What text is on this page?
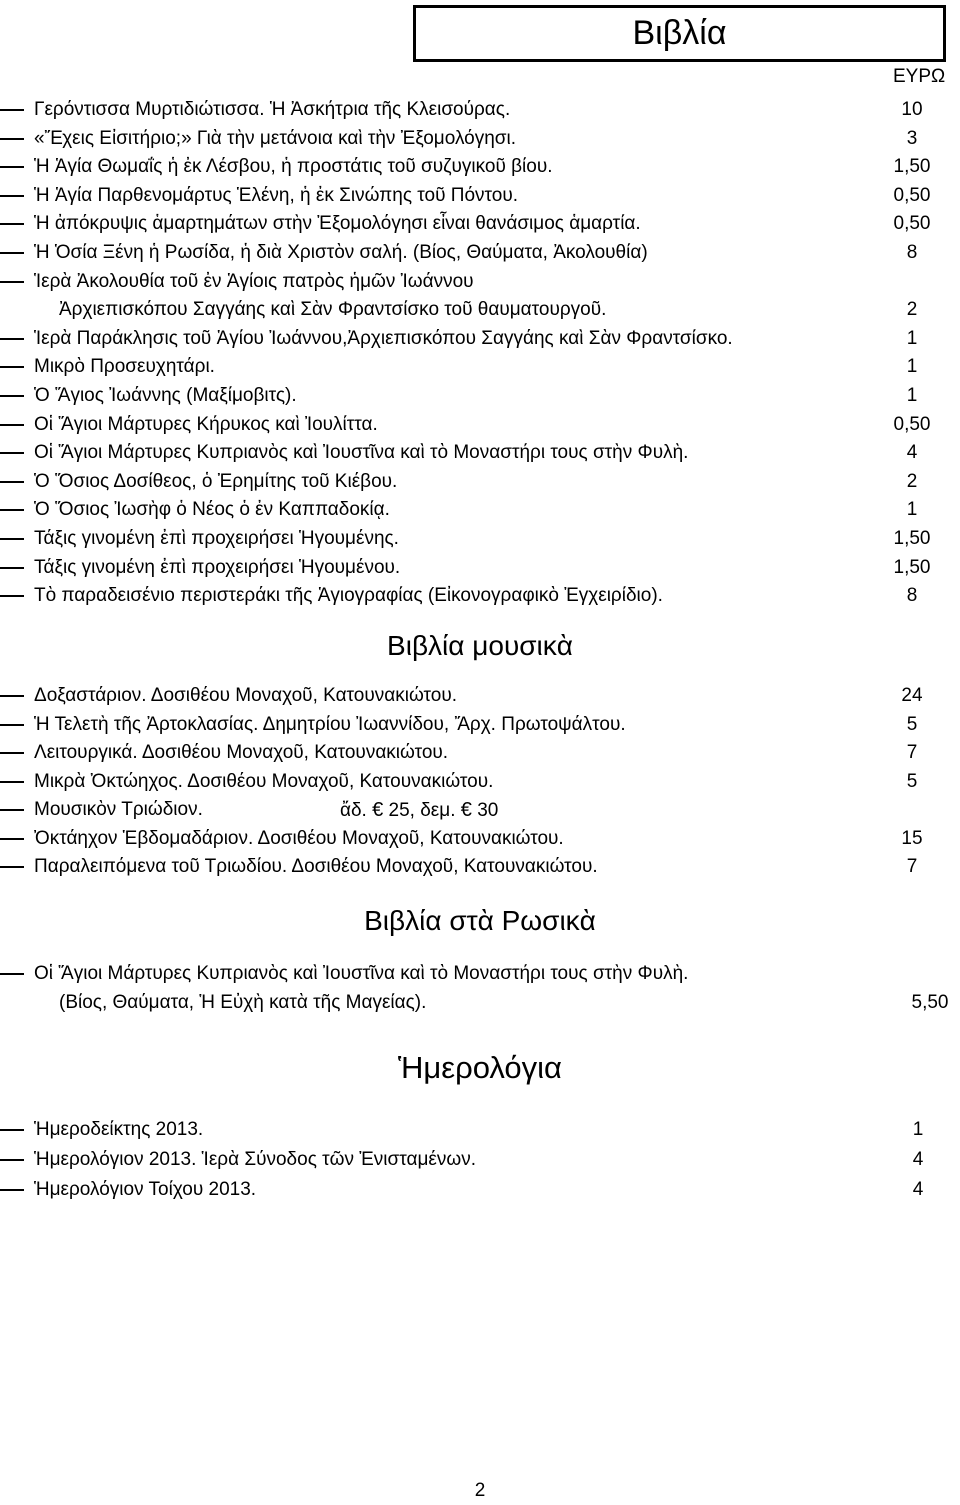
Βιβλία
ΕΥΡΩ
Γερόντισσα Μυρτιδιώτισσα. Ἡ Ἀσκήτρια τῆς Κλεισούρας.	10
«Ἔχεις Εἰσιτήριο;» Γιὰ τὴν μετάνοια καὶ τὴν Ἐξομολόγησι.	3
Ἡ Ἁγία Θωμαΐς ἡ ἐκ Λέσβου, ἡ προστάτις τοῦ συζυγικοῦ βίου.	1,50
Ἡ Ἁγία Παρθενομάρτυς Ἑλένη, ἡ ἐκ Σινώπης τοῦ Πόντου.	0,50
Ἡ ἀπόκρυψις ἁμαρτημάτων στὴν Ἐξομολόγησι εἶναι θανάσιμος ἁμαρτία.	0,50
Ἡ Ὁσία Ξένη ἡ Ρωσίδα, ἡ διὰ Χριστὸν σαλή. (Βίος, Θαύματα, Ἀκολουθία)	8
Ἱερὰ Ἀκολουθία τοῦ ἐν Ἁγίοις πατρὸς ἡμῶν Ἰωάννου
Ἀρχιεπισκόπου Σαγγάης καὶ Σὰν Φραντσίσκο τοῦ θαυματουργοῦ.	2
Ἱερὰ Παράκλησις τοῦ Ἁγίου Ἰωάννου,Ἀρχιεπισκόπου Σαγγάης καὶ Σὰν Φραντσίσκο.	1
Μικρὸ Προσευχητάρι.	1
Ὁ Ἅγιος Ἰωάννης (Μαξίμοβιτς).	1
Οἱ Ἅγιοι Μάρτυρες Κήρυκος καὶ Ἰουλίττα.	0,50
Οἱ Ἅγιοι Μάρτυρες Κυπριανὸς καὶ Ἰουστῖνα καὶ τὸ Μοναστήρι τους στὴν Φυλὴ.	4
Ὁ Ὅσιος Δοσίθεος, ὁ Ἐρημίτης τοῦ Κιέβου.	2
Ὁ Ὅσιος Ἰωσὴφ ὁ Νέος ὁ ἐν Καππαδοκίᾳ.	1
Τάξις γινομένη ἐπὶ προχειρήσει Ἡγουμένης.	1,50
Τάξις γινομένη ἐπὶ προχειρήσει Ἡγουμένου.	1,50
Τὸ παραδεισένιο περιστεράκι τῆς Ἁγιογραφίας (Εἰκονογραφικὸ Ἐγχειρίδιο).	8
Βιβλία μουσικὰ
Δοξαστάριον. Δοσιθέου Μοναχοῦ, Κατουνακιώτου.	24
Ἡ Τελετὴ τῆς Ἀρτοκλασίας. Δημητρίου Ἰωαννίδου, Ἄρχ. Πρωτοψάλτου.	5
Λειτουργικά. Δοσιθέου Μοναχοῦ, Κατουνακιώτου.	7
Μικρὰ Ὀκτώηχος. Δοσιθέου Μοναχοῦ, Κατουνακιώτου.	5
Μουσικὸν Τριώδιον.	ἄδ. € 25, δεμ. € 30
Ὀκτάηχον Ἑβδομαδάριον. Δοσιθέου Μοναχοῦ, Κατουνακιώτου.	15
Παραλειπόμενα τοῦ Τριωδίου. Δοσιθέου Μοναχοῦ, Κατουνακιώτου.	7
Βιβλία στὰ Ρωσικὰ
Οἱ Ἅγιοι Μάρτυρες Κυπριανὸς καὶ Ἰουστῖνα καὶ τὸ Μοναστήρι τους στὴν Φυλὴ.
(Βίος, Θαύματα, Ἡ Εὐχὴ κατὰ τῆς Μαγείας).	5,50
Ἡμερολόγια
Ἡμεροδείκτης 2013.	1
Ἡμερολόγιον 2013. Ἱερὰ Σύνοδος τῶν Ἐνισταμένων.	4
Ἡμερολόγιον Τοίχου 2013.	4
2
